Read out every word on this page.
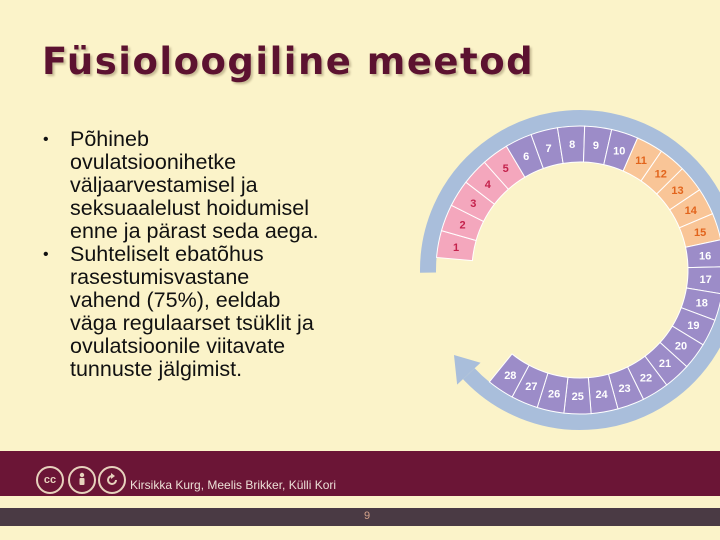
Füsioloogiline meetod
• Põhineb
ovulatsioonihetke
väljaarvestamisel ja
seksuaalelust hoidumisel
enne ja pärast seda aega.
• Suhteliselt ebatõhus
rasestumisvastane
vahend (75%), eeldab
väga regulaarset tsüklit ja
ovulatsioonile viitavate
tunnuste jälgimist.
1
2
3
4
5
6
7 8 9 10
11
12
13
14
15
16
17
18
19
20
21
22
23
24
25
26
27
28
cc	Kirsikka Kurg, Meelis Brikker, Külli Kori
9
